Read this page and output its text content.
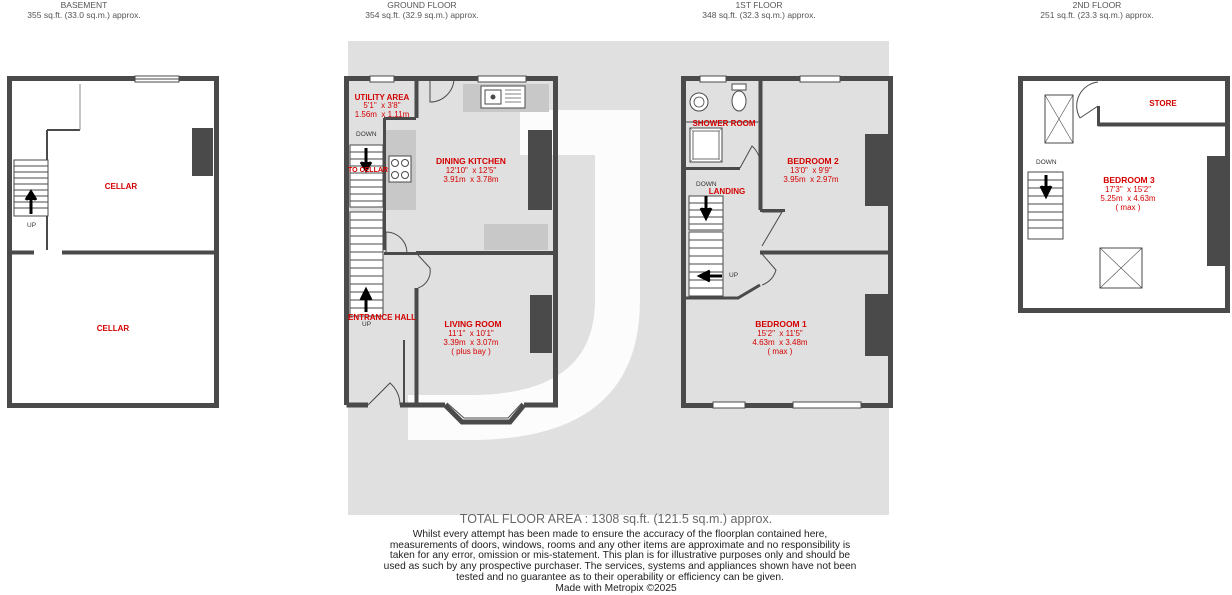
BASEMENT
355 sq.ft. (33.0 sq.m.) approx.
GROUND FLOOR
354 sq.ft. (32.9 sq.m.) approx.
1ST FLOOR
348 sq.ft. (32.3 sq.m.) approx.
2ND FLOOR
251 sq.ft. (23.3 sq.m.) approx.
CELLAR
CELLAR
UP
UTILITY AREA
5'1"  x 3'8"
1.56m  x 1.11m
DOWN
TO CELLAR
DINING KITCHEN
12'10"  x 12'5"
3.91m  x 3.78m
ENTRANCE HALL
UP	LIVING ROOM
11'1"  x 10'1"
3.39m  x 3.07m
( plus bay )
SHOWER ROOM
DOWN
LANDING
UP
BEDROOM 2
13'0"  x 9'9"
3.95m  x 2.97m
BEDROOM 1
15'2"  x 11'5"
4.63m  x 3.48m
( max )
STORE
DOWN
BEDROOM 3
17'3"  x 15'2"
5.25m  x 4.63m
( max )
TOTAL FLOOR AREA : 1308 sq.ft. (121.5 sq.m.) approx.
Whilst every attempt has been made to ensure the accuracy of the floorplan contained here, measurements of doors, windows, rooms and any other items are approximate and no responsibility is taken for any error, omission or mis-statement. This plan is for illustrative purposes only and should be used as such by any prospective purchaser. The services, systems and appliances shown have not been tested and no guarantee as to their operability or efficiency can be given.
Made with Metropix ©2025
